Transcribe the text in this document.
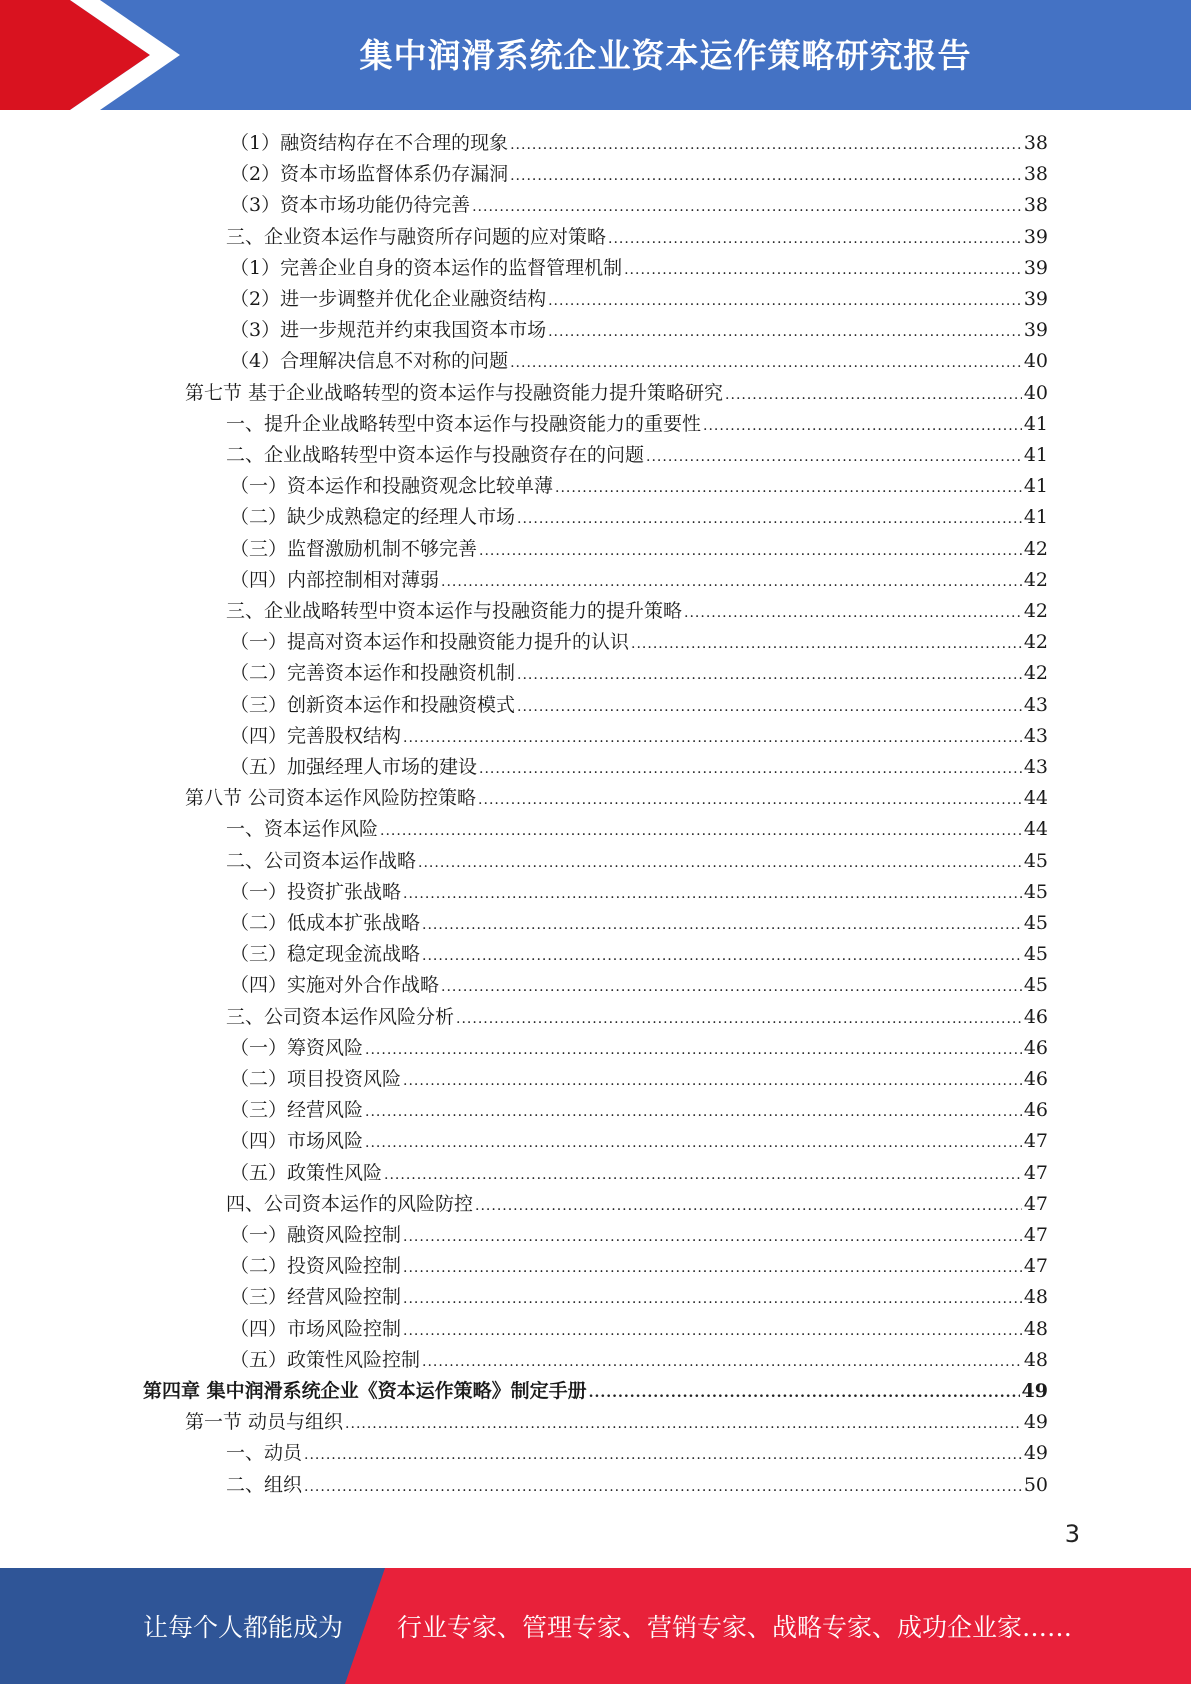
集中润滑系统企业资本运作策略研究报告
（1）融资结构存在不合理的现象 .....	38
（2）资本市场监督体系仍存漏洞 .....	38
（3）资本市场功能仍待完善 .....	38
三、企业资本运作与融资所存问题的应对策略 .....	39
（1）完善企业自身的资本运作的监督管理机制 .....	39
（2）进一步调整并优化企业融资结构 .....	39
（3）进一步规范并约束我国资本市场 .....	39
（4）合理解决信息不对称的问题 .....	40
第七节 基于企业战略转型的资本运作与投融资能力提升策略研究 .....	40
一、提升企业战略转型中资本运作与投融资能力的重要性 .....	41
二、企业战略转型中资本运作与投融资存在的问题 .....	41
（一）资本运作和投融资观念比较单薄 .....	41
（二）缺少成熟稳定的经理人市场 .....	41
（三）监督激励机制不够完善 .....	42
（四）内部控制相对薄弱 .....	42
三、企业战略转型中资本运作与投融资能力的提升策略 .....	42
（一）提高对资本运作和投融资能力提升的认识 .....	42
（二）完善资本运作和投融资机制 .....	42
（三）创新资本运作和投融资模式 .....	43
（四）完善股权结构 .....	43
（五）加强经理人市场的建设 .....	43
第八节 公司资本运作风险防控策略 .....	44
一、资本运作风险 .....	44
二、公司资本运作战略 .....	45
（一）投资扩张战略 .....	45
（二）低成本扩张战略 .....	45
（三）稳定现金流战略 .....	45
（四）实施对外合作战略 .....	45
三、公司资本运作风险分析 .....	46
（一）筹资风险 .....	46
（二）项目投资风险 .....	46
（三）经营风险 .....	46
（四）市场风险 .....	47
（五）政策性风险 .....	47
四、公司资本运作的风险防控 .....	47
（一）融资风险控制 .....	47
（二）投资风险控制 .....	47
（三）经营风险控制 .....	48
（四）市场风险控制 .....	48
（五）政策性风险控制 .....	48
第四章 集中润滑系统企业《资本运作策略》制定手册 .....	49
第一节 动员与组织 .....	49
一、动员 .....	49
二、组织 .....	50
3
让每个人都能成为 行业专家、管理专家、营销专家、战略专家、成功企业家……
